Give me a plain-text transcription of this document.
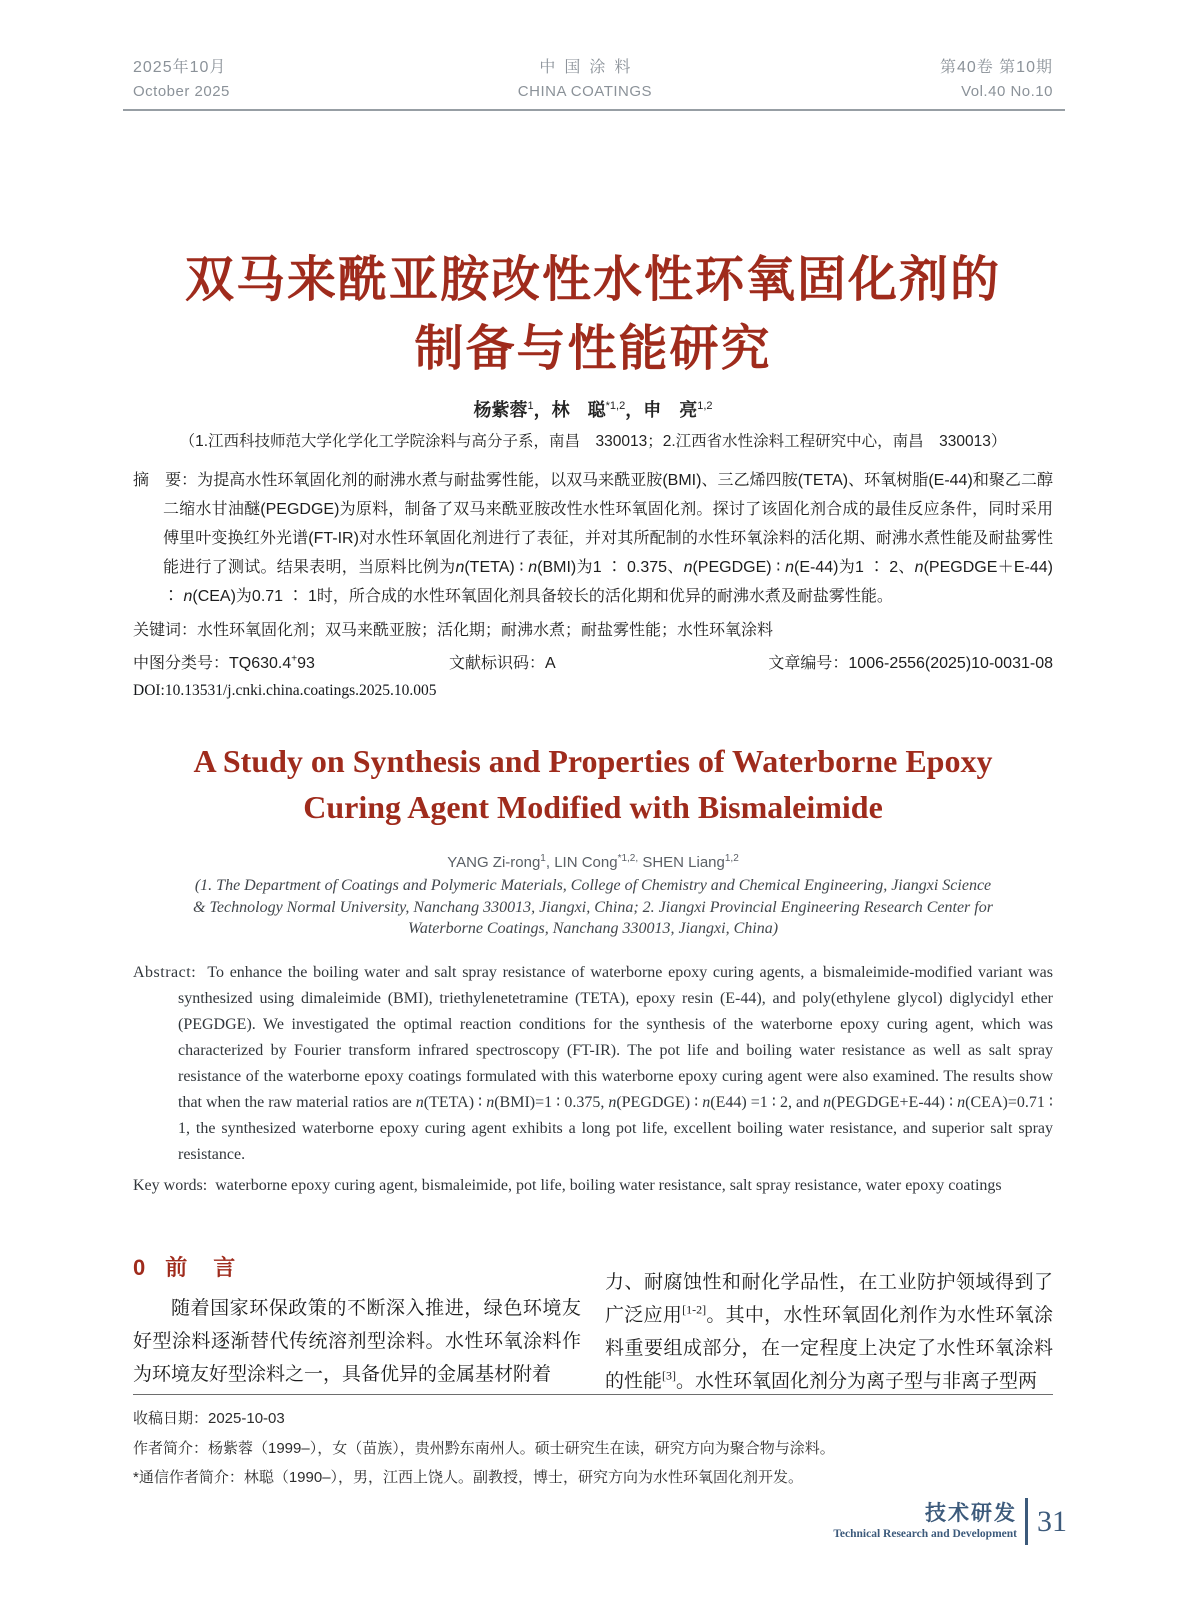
2025年10月
October 2025
中国涂料
CHINA COATINGS
第40卷 第10期
Vol.40 No.10
双马来酰亚胺改性水性环氧固化剂的
制备与性能研究
杨紫蓉$^1$，林　聪$^{*1,2}$，申　亮$^{1,2}$
（1.江西科技师范大学化学化工学院涂料与高分子系，南昌　330013；2.江西省水性涂料工程研究中心，南昌　330013）
摘　要：为提高水性环氧固化剂的耐沸水煮与耐盐雾性能，以双马来酰亚胺(BMI)、三乙烯四胺(TETA)、环氧树脂(E-44)和聚乙二醇二缩水甘油醚(PEGDGE)为原料，制备了双马来酰亚胺改性水性环氧固化剂。探讨了该固化剂合成的最佳反应条件，同时采用傅里叶变换红外光谱(FT-IR)对水性环氧固化剂进行了表征，并对其所配制的水性环氧涂料的活化期、耐沸水煮性能及耐盐雾性能进行了测试。结果表明，当原料比例为n(TETA) ∶ n(BMI)为1 ∶ 0.375、n(PEGDGE) ∶ n(E-44)为1 ∶ 2、n(PEGDGE＋E-44) ∶ n(CEA)为0.71 ∶ 1时，所合成的水性环氧固化剂具备较长的活化期和优异的耐沸水煮及耐盐雾性能。
关键词：水性环氧固化剂；双马来酰亚胺；活化期；耐沸水煮；耐盐雾性能；水性环氧涂料
中图分类号：TQ630.4+93	文献标识码：A	文章编号：1006-2556(2025)10-0031-08
DOI:10.13531/j.cnki.china.coatings.2025.10.005
A Study on Synthesis and Properties of Waterborne Epoxy
Curing Agent Modified with Bismaleimide
YANG Zi-rong$^1$, LIN Cong$^{*1,2,}$ SHEN Liang$^{1,2}$
(1. The Department of Coatings and Polymeric Materials, College of Chemistry and Chemical Engineering, Jiangxi Science
& Technology Normal University, Nanchang 330013, Jiangxi, China; 2. Jiangxi Provincial Engineering Research Center for
Waterborne Coatings, Nanchang 330013, Jiangxi, China)
Abstract: To enhance the boiling water and salt spray resistance of waterborne epoxy curing agents, a bismaleimide-modified variant was synthesized using dimaleimide (BMI), triethylenetetramine (TETA), epoxy resin (E-44), and poly(ethylene glycol) diglycidyl ether (PEGDGE). We investigated the optimal reaction conditions for the synthesis of the waterborne epoxy curing agent, which was characterized by Fourier transform infrared spectroscopy (FT-IR). The pot life and boiling water resistance as well as salt spray resistance of the waterborne epoxy coatings formulated with this waterborne epoxy curing agent were also examined. The results show that when the raw material ratios are n(TETA) ∶ n(BMI)=1 ∶ 0.375, n(PEGDGE) ∶ n(E44) =1 ∶ 2, and n(PEGDGE+E-44) ∶ n(CEA)=0.71 ∶ 1, the synthesized waterborne epoxy curing agent exhibits a long pot life, excellent boiling water resistance, and superior salt spray resistance.
Key words: waterborne epoxy curing agent, bismaleimide, pot life, boiling water resistance, salt spray resistance, water epoxy coatings
0 前　言

随着国家环保政策的不断深入推进，绿色环境友好型涂料逐渐替代传统溶剂型涂料。水性环氧涂料作为环境友好型涂料之一，具备优异的金属基材附着

力、耐腐蚀性和耐化学品性，在工业防护领域得到了广泛应用[1-2]。其中，水性环氧固化剂作为水性环氧涂料重要组成部分，在一定程度上决定了水性环氧涂料的性能[3]。水性环氧固化剂分为离子型与非离子型两

收稿日期：2025-10-03
作者简介：杨紫蓉（1999–），女（苗族），贵州黔东南州人。硕士研究生在读，研究方向为聚合物与涂料。
*通信作者简介：林聪（1990–），男，江西上饶人。副教授，博士，研究方向为水性环氧固化剂开发。
技术研发
Technical Research and Development 31
